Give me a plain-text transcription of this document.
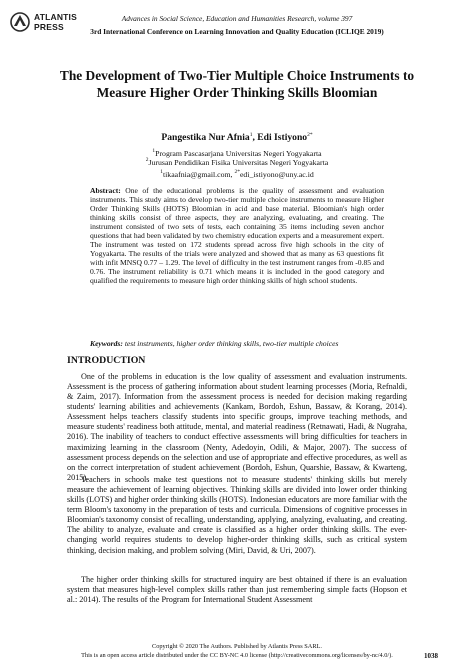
ATLANTIS
PRESS
Advances in Social Science, Education and Humanities Research, volume 397
3rd International Conference on Learning Innovation and Quality Education (ICLIQE 2019)
The Development of Two-Tier Multiple Choice Instruments to Measure Higher Order Thinking Skills Bloomian
Pangestika Nur Afnia$^1$, Edi Istiyono$^{2*}$
$^1$Program Pascasarjana Universitas Negeri Yogyakarta
$^2$Jurusan Pendidikan Fisika Universitas Negeri Yogyakarta
$^1$tikaafnia@gmail.com, $^{2*}$edi_istiyono@uny.ac.id
Abstract: One of the educational problems is the quality of assessment and evaluation instruments. This study aims to develop two-tier multiple choice instruments to measure Higher Order Thinking Skills (HOTS) Bloomian in acid and base material. Bloomian's high order thinking skills consist of three aspects, they are analyzing, evaluating, and creating. The instrument consisted of two sets of tests, each containing 35 items including seven anchor questions that had been validated by two chemistry education experts and a measurement expert. The instrument was tested on 172 students spread across five high schools in the city of Yogyakarta. The results of the trials were analyzed and showed that as many as 63 questions fit with infit MNSQ 0.77 – 1.29. The level of difficulty in the test instrument ranges from -0.85 and 0.76. The instrument reliability is 0.71 which means it is included in the good category and qualified the requirements to measure high order thinking skills of high school students.
Keywords: test instruments, higher order thinking skills, two-tier multiple choices
INTRODUCTION

One of the problems in education is the low quality of assessment and evaluation instruments. Assessment is the process of gathering information about student learning processes (Moria, Refnaldi, & Zaim, 2017). Information from the assessment process is needed for decision making regarding students' learning abilities and achievements (Kankam, Bordoh, Eshun, Bassaw, & Korang, 2014). Assessment helps teachers classify students into specific groups, improve teaching methods, and measure students' readiness both attitude, mental, and material readiness (Retnawati, Hadi, & Nugraha, 2016). The inability of teachers to conduct effective assessments will bring difficulties for teachers in maximizing learning in the classroom (Nenty, Adedoyin, Odili, & Major, 2007). The success of assessment process depends on the selection and use of appropriate and effective procedures, as well as on the correct interpretation of student achievement (Bordoh, Eshun, Quarshie, Bassaw, & Kwarteng, 2015).

Teachers in schools make test questions not to measure students' thinking skills but merely measure the achievement of learning objectives. Thinking skills are divided into lower order thinking skills (LOTS) and higher order thinking skills (HOTS). Indonesian educators are more familiar with the term Bloom's taxonomy in the preparation of tests and curricula. Dimensions of cognitive processes in Bloomian's taxonomy consist of recalling, understanding, applying, analyzing, evaluating, and creating. The ability to analyze, evaluate and create is classified as a higher order thinking skills. The ever-changing world requires students to develop higher-order thinking skills, such as critical system thinking, decision making, and problem solving (Miri, David, & Uri, 2007).

The higher order thinking skills for structured inquiry are best obtained if there is an evaluation system that measures high-level complex skills rather than just remembering simple facts (Hopson et al.: 2014). The results of the Program for International Student Assessment

Copyright © 2020 The Authors. Published by Atlantis Press SARL.
This is an open access article distributed under the CC BY-NC 4.0 license (http://creativecommons.org/licenses/by-nc/4.0/).	1038
